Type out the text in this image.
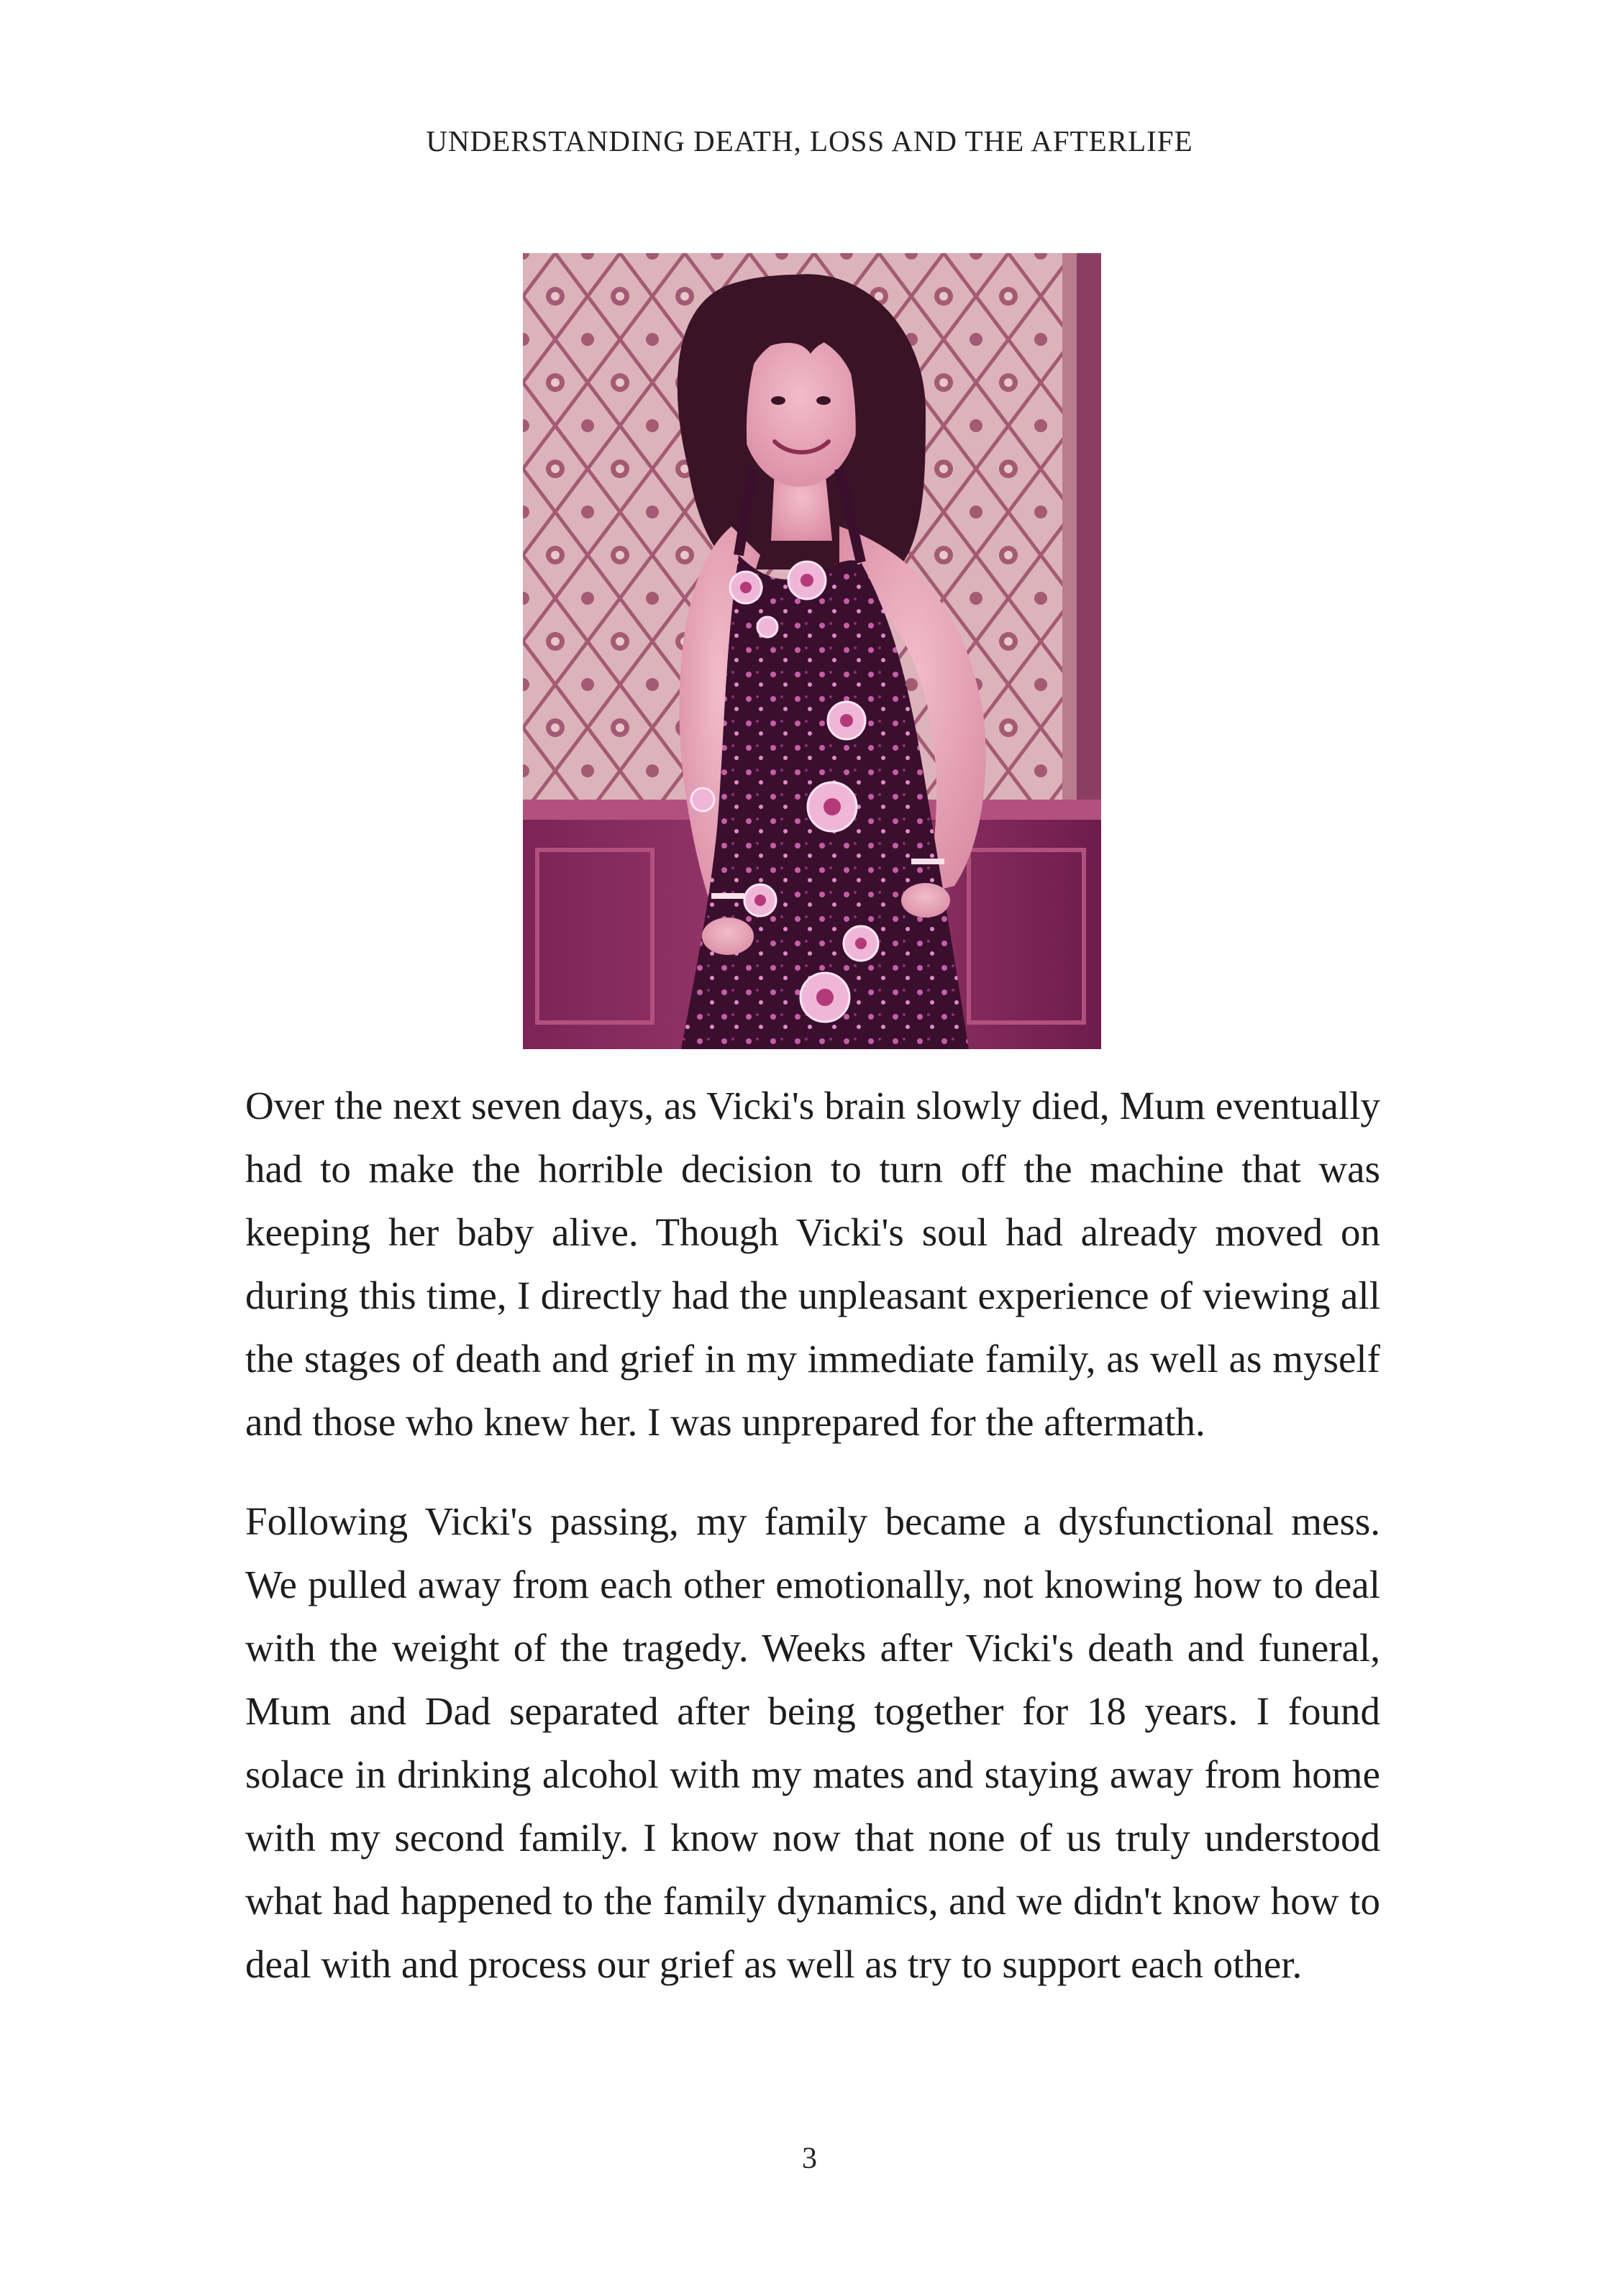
UNDERSTANDING DEATH, LOSS AND THE AFTERLIFE

Over the next seven days, as Vicki's brain slowly died, Mum eventually had to make the horrible decision to turn off the machine that was keeping her baby alive. Though Vicki's soul had already moved on during this time, I directly had the unpleasant experience of viewing all the stages of death and grief in my immediate family, as well as myself and those who knew her. I was unprepared for the aftermath.

Following Vicki's passing, my family became a dysfunctional mess. We pulled away from each other emotionally, not knowing how to deal with the weight of the tragedy. Weeks after Vicki's death and funeral, Mum and Dad separated after being together for 18 years. I found solace in drinking alcohol with my mates and staying away from home with my second family. I know now that none of us truly understood what had happened to the family dynamics, and we didn't know how to deal with and process our grief as well as try to support each other.

3
